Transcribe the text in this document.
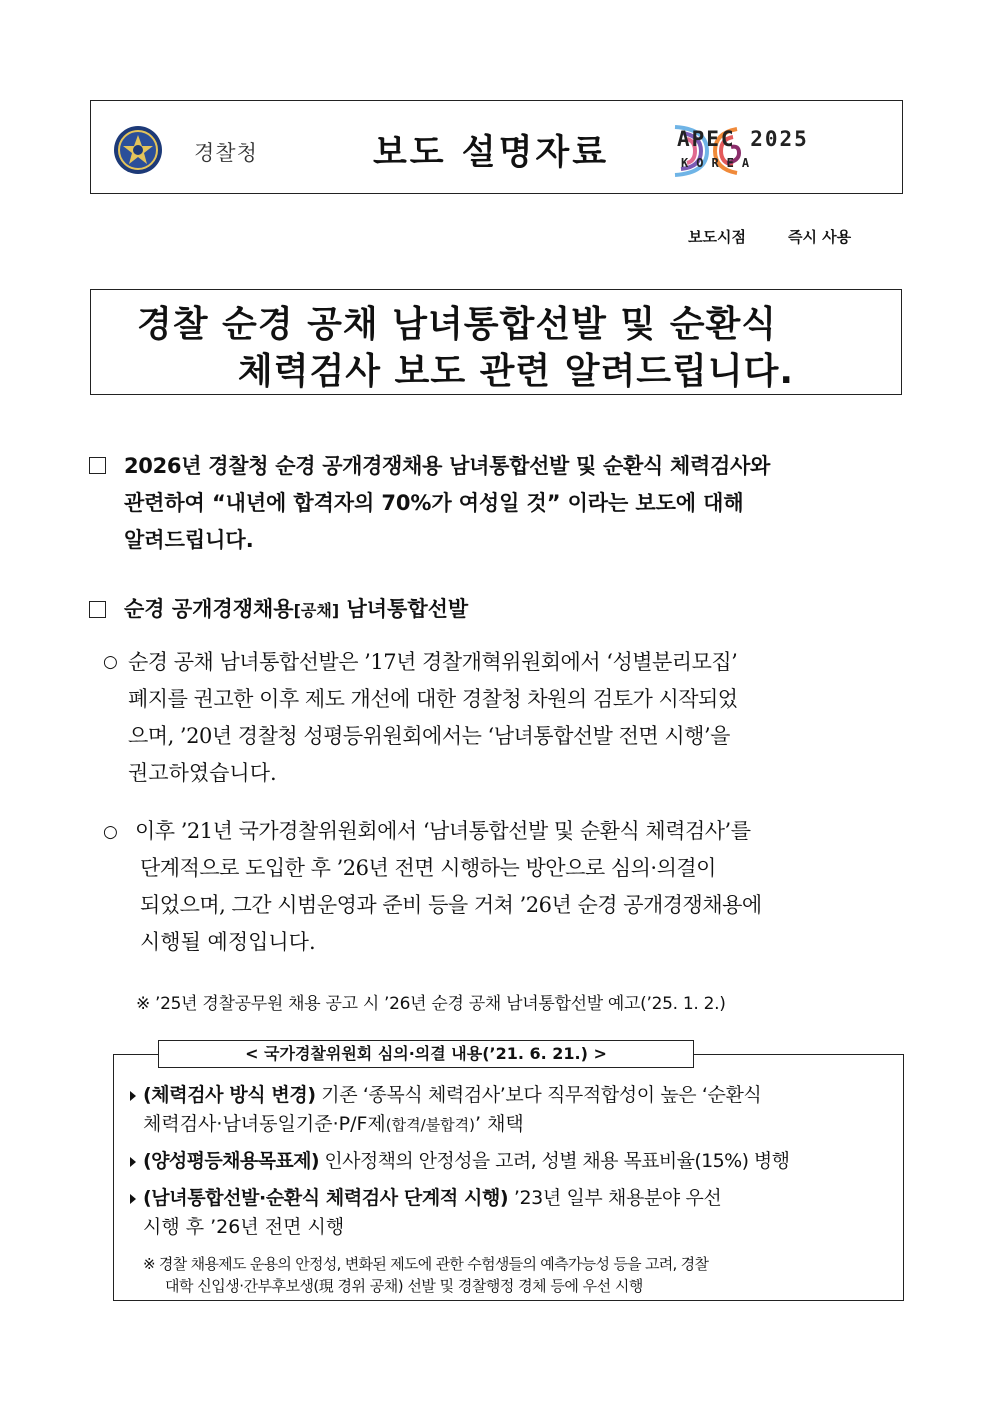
경찰청	보도 설명자료	APEC 2025
KOREA
보도시점	즉시 사용
경찰 순경 공채 남녀통합선발 및 순환식
체력검사 보도 관련 알려드립니다.
2026년 경찰청 순경 공개경쟁채용 남녀통합선발 및 순환식 체력검사와
관련하여 “내년에 합격자의 70%가 여성일 것” 이라는 보도에 대해
알려드립니다.
순경 공개경쟁채용[공채] 남녀통합선발
○ 순경 공채 남녀통합선발은 ’17년 경찰개혁위원회에서 ‘성별분리모집’
폐지를 권고한 이후 제도 개선에 대한 경찰청 차원의 검토가 시작되었
으며, ’20년 경찰청 성평등위원회에서는 ‘남녀통합선발 전면 시행’을
권고하였습니다.
○ 이후 ’21년 국가경찰위원회에서 ‘남녀통합선발 및 순환식 체력검사’를
단계적으로 도입한 후 ’26년 전면 시행하는 방안으로 심의·의결이
되었으며, 그간 시범운영과 준비 등을 거쳐 ’26년 순경 공개경쟁채용에
시행될 예정입니다.
※ ’25년 경찰공무원 채용 공고 시 ’26년 순경 공채 남녀통합선발 예고(’25. 1. 2.)
< 국가경찰위원회 심의·의결 내용(’21. 6. 21.) >
(체력검사 방식 변경) 기존 ‘종목식 체력검사’보다 직무적합성이 높은 ‘순환식
체력검사·남녀동일기준·P/F제(합격/불합격)’ 채택
(양성평등채용목표제) 인사정책의 안정성을 고려, 성별 채용 목표비율(15%) 병행
(남녀통합선발·순환식 체력검사 단계적 시행) ’23년 일부 채용분야 우선
시행 후 ’26년 전면 시행
※ 경찰 채용제도 운용의 안정성, 변화된 제도에 관한 수험생들의 예측가능성 등을 고려, 경찰
대학 신입생·간부후보생(現 경위 공채) 선발 및 경찰행정 경체 등에 우선 시행
